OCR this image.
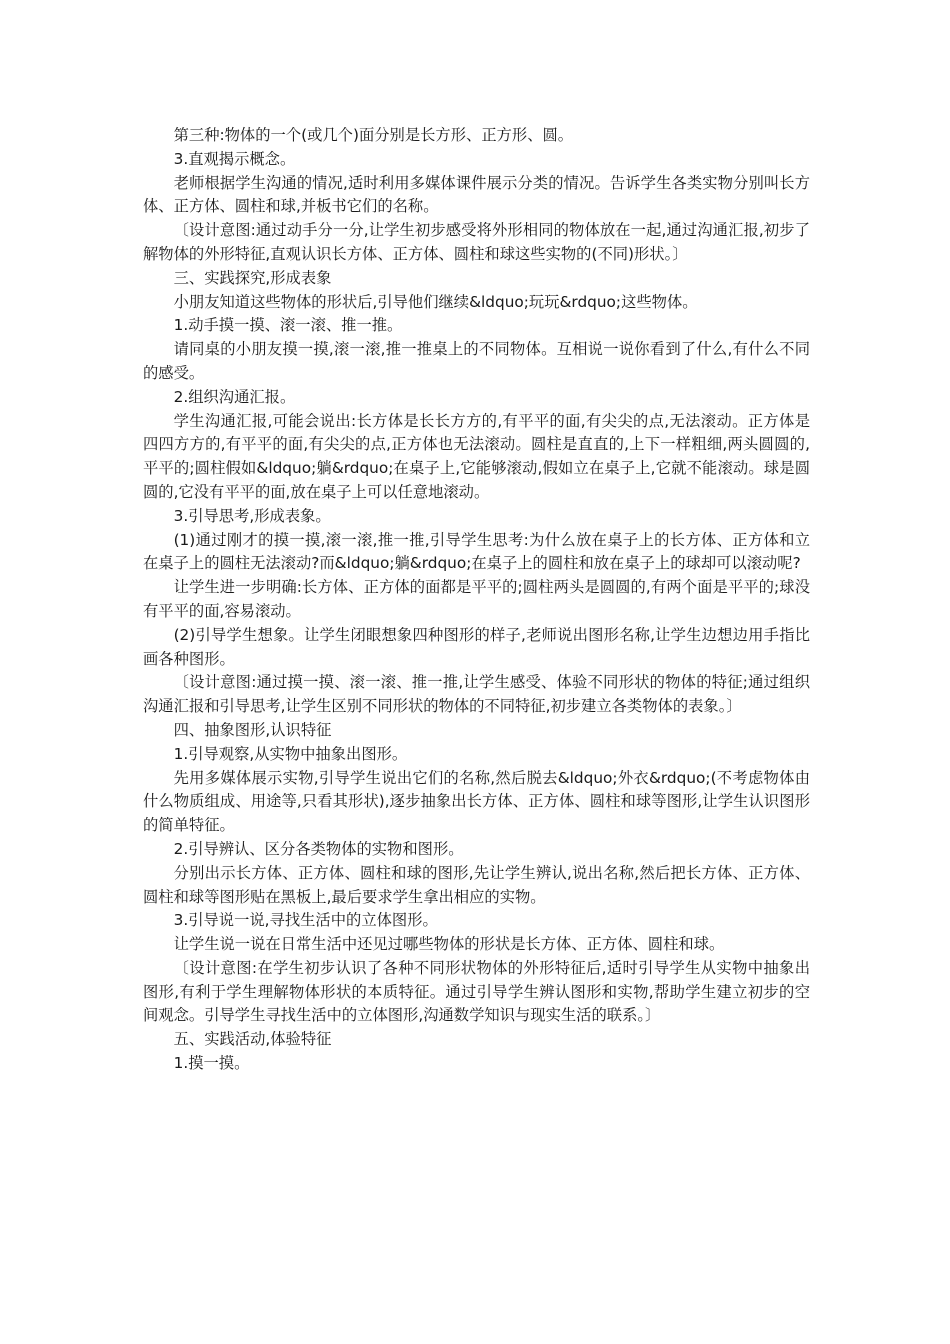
第三种:物体的一个(或几个)面分别是长方形、正方形、圆。

3.直观揭示概念。

老师根据学生沟通的情况,适时利用多媒体课件展示分类的情况。告诉学生各类实物分别叫长方体、正方体、圆柱和球,并板书它们的名称。

〔设计意图:通过动手分一分,让学生初步感受将外形相同的物体放在一起,通过沟通汇报,初步了解物体的外形特征,直观认识长方体、正方体、圆柱和球这些实物的(不同)形状。〕

三、实践探究,形成表象

小朋友知道这些物体的形状后,引导他们继续&ldquo;玩玩&rdquo;这些物体。

1.动手摸一摸、滚一滚、推一推。

请同桌的小朋友摸一摸,滚一滚,推一推桌上的不同物体。互相说一说你看到了什么,有什么不同的感受。

2.组织沟通汇报。

学生沟通汇报,可能会说出:长方体是长长方方的,有平平的面,有尖尖的点,无法滚动。正方体是四四方方的,有平平的面,有尖尖的点,正方体也无法滚动。圆柱是直直的,上下一样粗细,两头圆圆的,平平的;圆柱假如&ldquo;躺&rdquo;在桌子上,它能够滚动,假如立在桌子上,它就不能滚动。球是圆圆的,它没有平平的面,放在桌子上可以任意地滚动。

3.引导思考,形成表象。

(1)通过刚才的摸一摸,滚一滚,推一推,引导学生思考:为什么放在桌子上的长方体、正方体和立在桌子上的圆柱无法滚动?而&ldquo;躺&rdquo;在桌子上的圆柱和放在桌子上的球却可以滚动呢?

让学生进一步明确:长方体、正方体的面都是平平的;圆柱两头是圆圆的,有两个面是平平的;球没有平平的面,容易滚动。

(2)引导学生想象。让学生闭眼想象四种图形的样子,老师说出图形名称,让学生边想边用手指比画各种图形。

〔设计意图:通过摸一摸、滚一滚、推一推,让学生感受、体验不同形状的物体的特征;通过组织沟通汇报和引导思考,让学生区别不同形状的物体的不同特征,初步建立各类物体的表象。〕

四、抽象图形,认识特征

1.引导观察,从实物中抽象出图形。

先用多媒体展示实物,引导学生说出它们的名称,然后脱去&ldquo;外衣&rdquo;(不考虑物体由什么物质组成、用途等,只看其形状),逐步抽象出长方体、正方体、圆柱和球等图形,让学生认识图形的简单特征。

2.引导辨认、区分各类物体的实物和图形。

分别出示长方体、正方体、圆柱和球的图形,先让学生辨认,说出名称,然后把长方体、正方体、圆柱和球等图形贴在黑板上,最后要求学生拿出相应的实物。

3.引导说一说,寻找生活中的立体图形。

让学生说一说在日常生活中还见过哪些物体的形状是长方体、正方体、圆柱和球。

〔设计意图:在学生初步认识了各种不同形状物体的外形特征后,适时引导学生从实物中抽象出图形,有利于学生理解物体形状的本质特征。通过引导学生辨认图形和实物,帮助学生建立初步的空间观念。引导学生寻找生活中的立体图形,沟通数学知识与现实生活的联系。〕

五、实践活动,体验特征

1.摸一摸。
